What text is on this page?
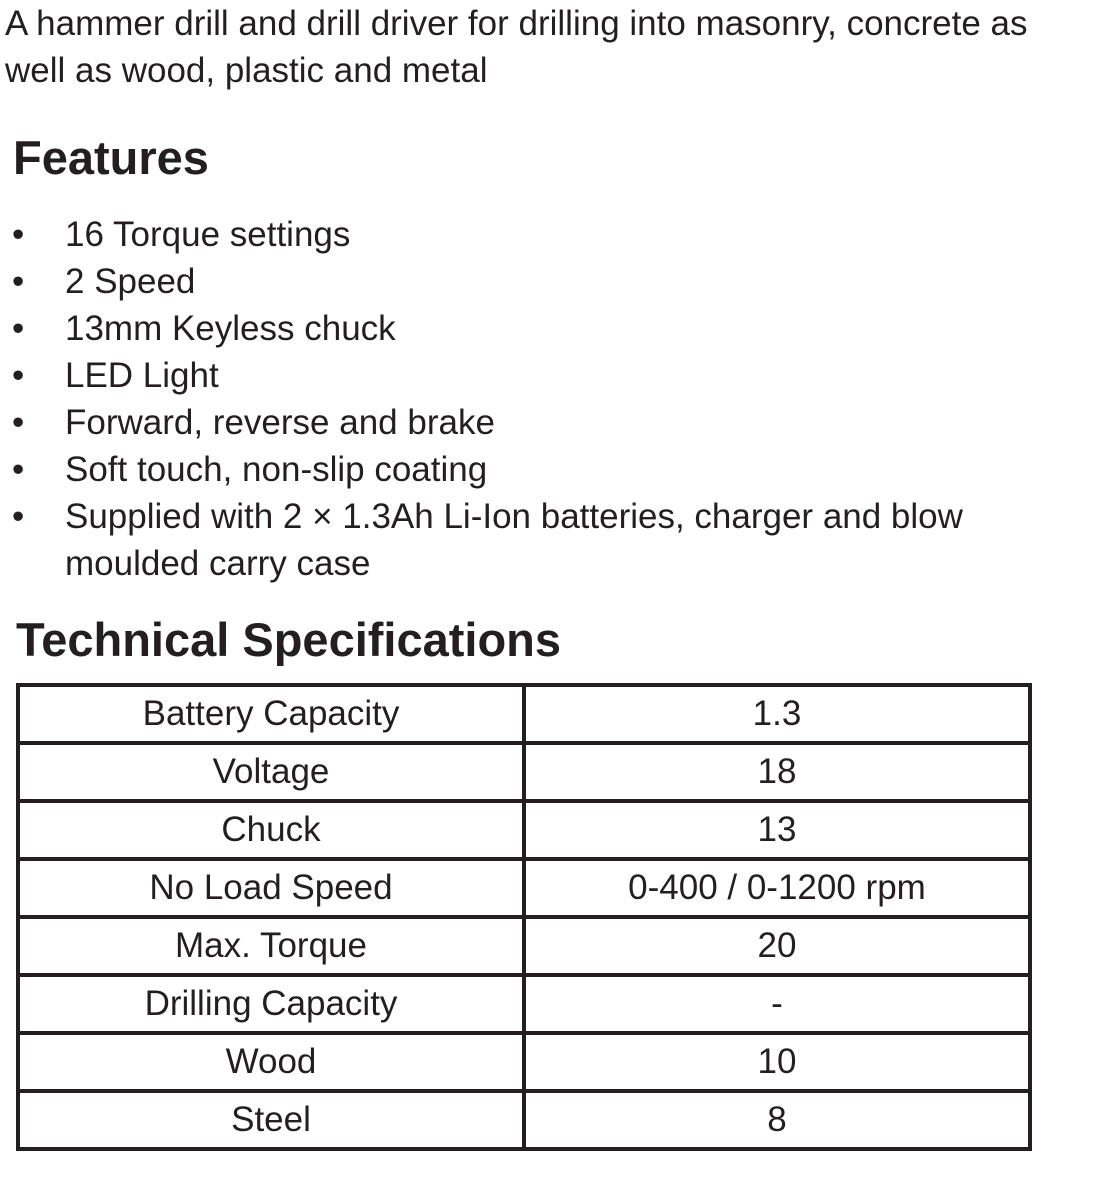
A hammer drill and drill driver for drilling into masonry, concrete as well as wood, plastic and metal

Features
• 16 Torque settings
• 2 Speed
• 13mm Keyless chuck
• LED Light
• Forward, reverse and brake
• Soft touch, non-slip coating
• Supplied with 2 × 1.3Ah Li-Ion batteries, charger and blow moulded carry case
Technical Specifications
Battery Capacity	1.3
Voltage	18
Chuck	13
No Load Speed	0-400 / 0-1200 rpm
Max. Torque	20
Drilling Capacity	-
Wood	10
Steel	8
